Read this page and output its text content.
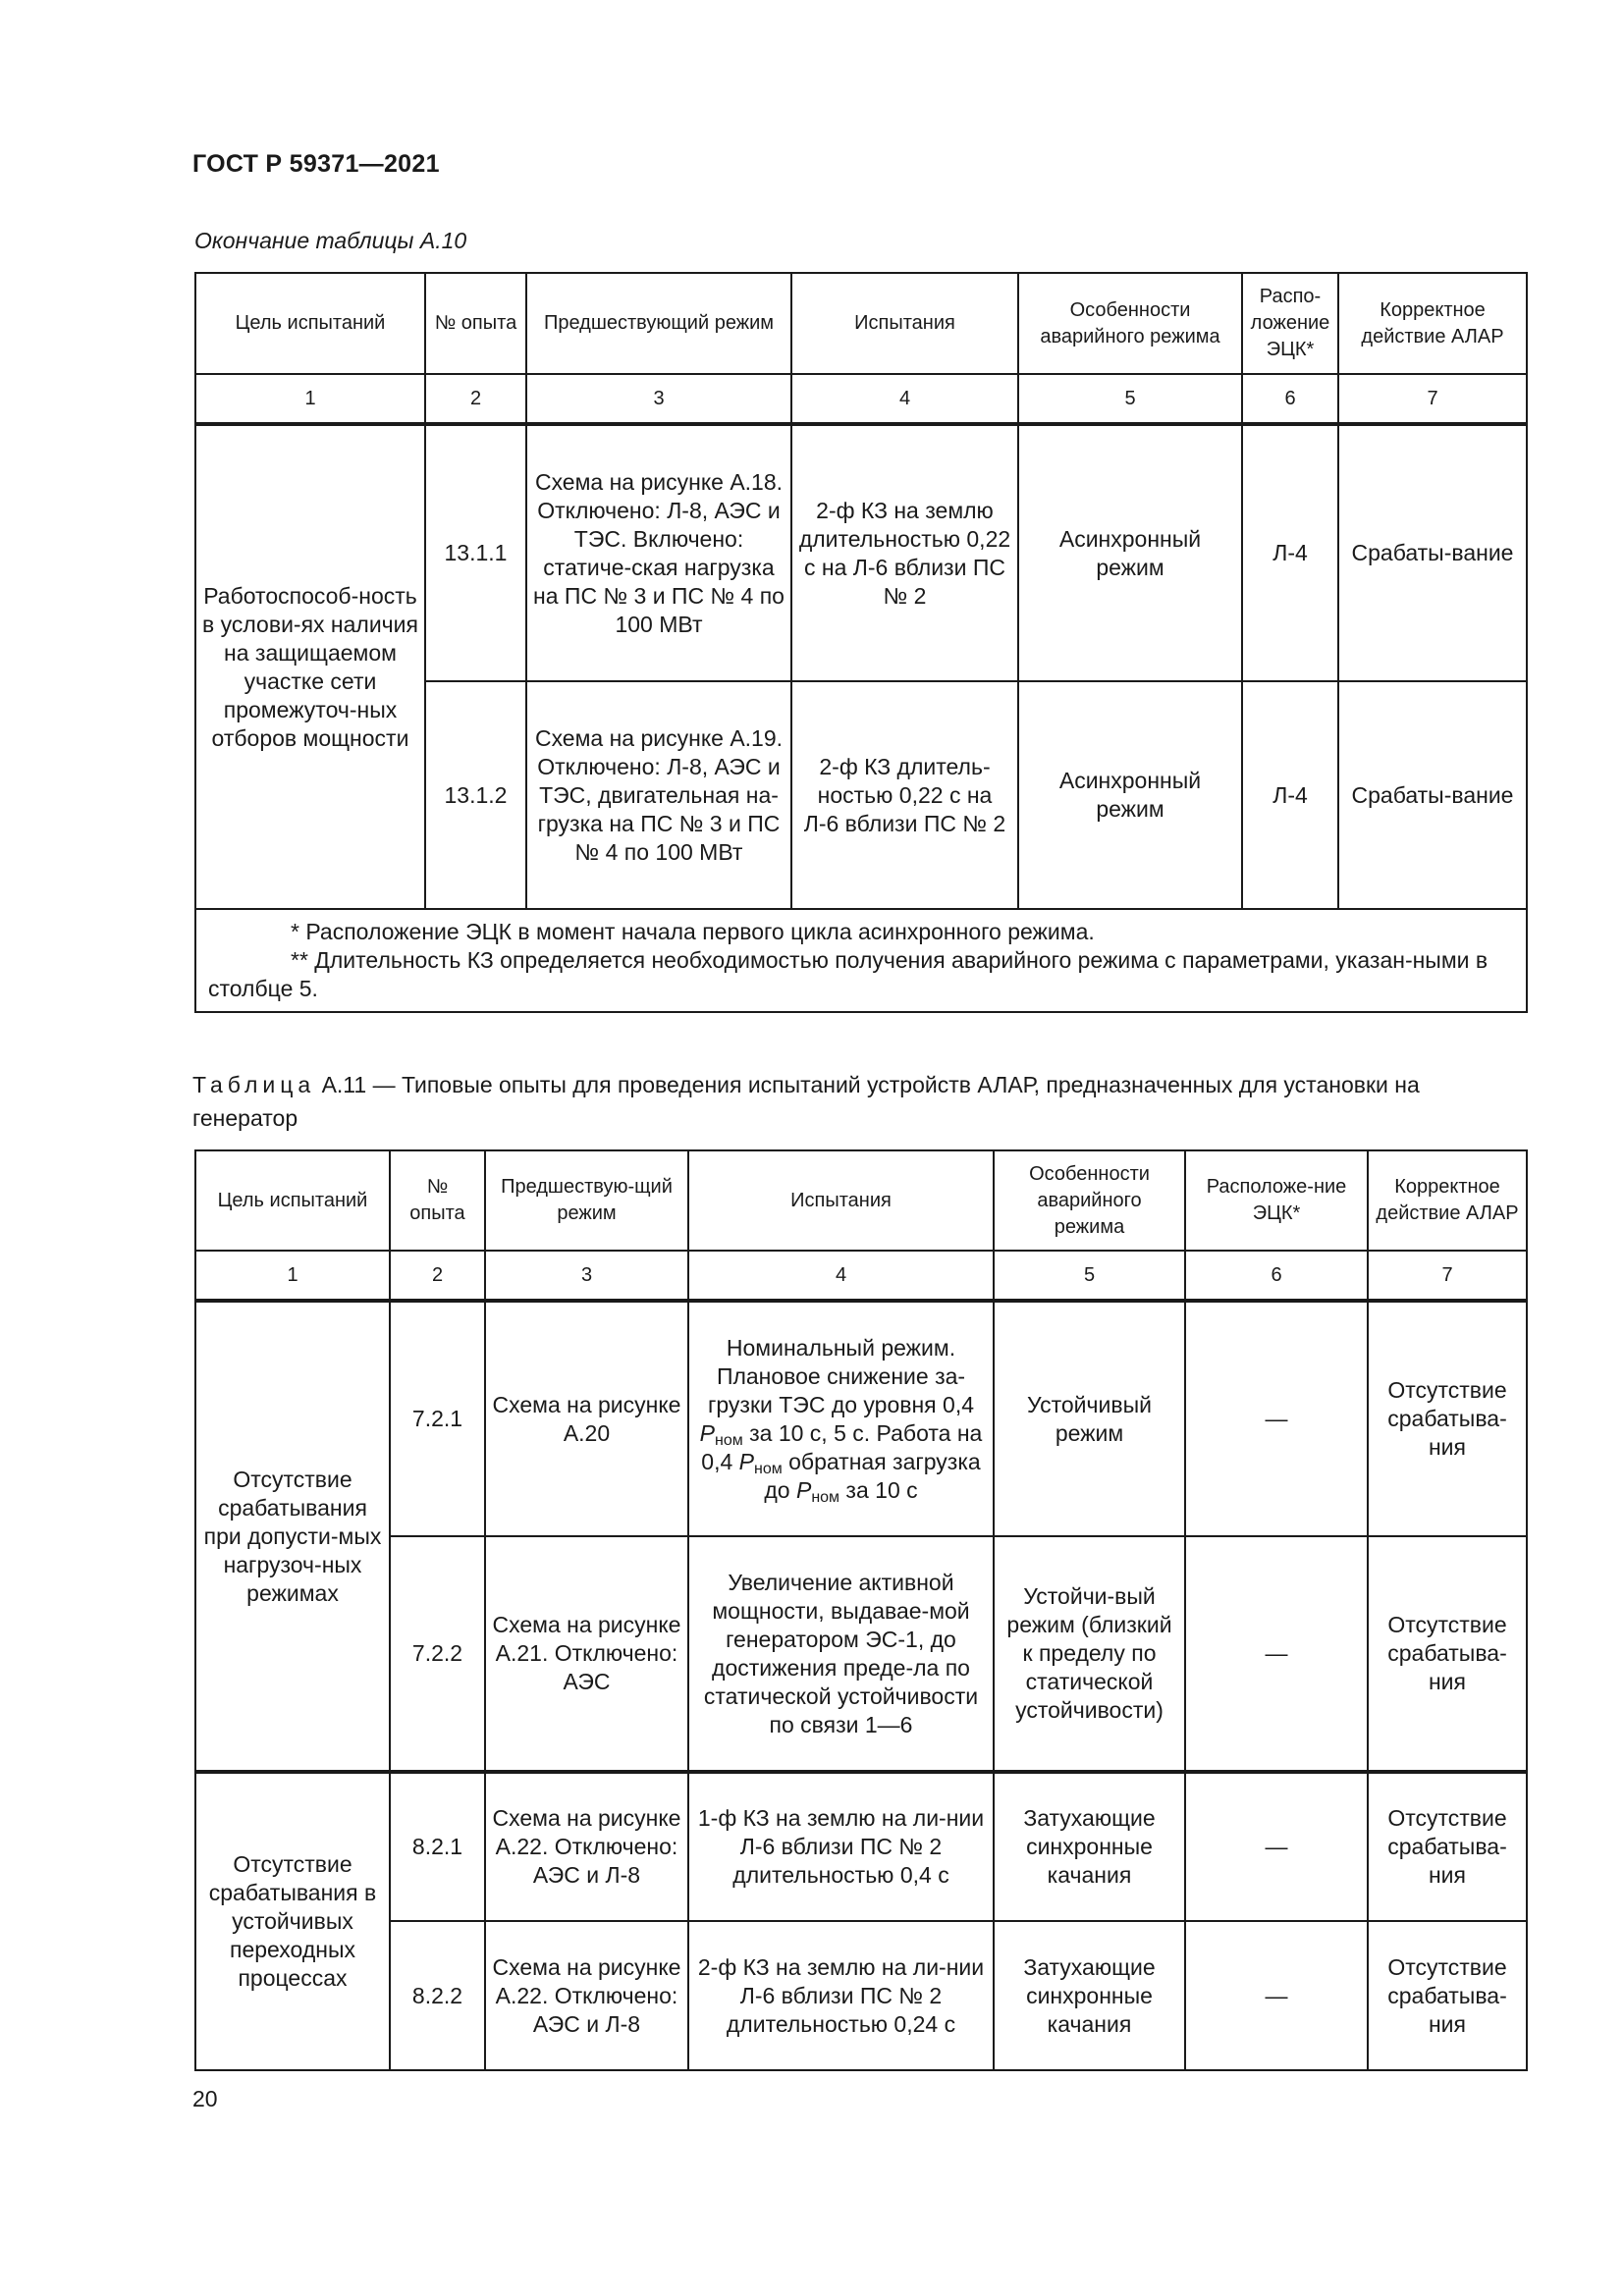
ГОСТ Р 59371—2021
Окончание таблицы А.10
Цель испытаний	№ опыта	Предшествующий режим	Испытания	Особенности аварийного режима	Распо-ложение ЭЦК*	Корректное действие АЛАР
1	2	3	4	5	6	7
Работоспособ-ность в услови-ях наличия на защищаемом участке сети промежуточ-ных отборов мощности	13.1.1	Схема на рисунке А.18. Отключено: Л-8, АЭС и ТЭС. Включено: статиче-ская нагрузка на ПС № 3 и ПС № 4 по 100 МВт	2-ф КЗ на землю длительностью 0,22 с на Л-6 вблизи ПС № 2	Асинхронный режим	Л-4	Срабаты-вание
	13.1.2	Схема на рисунке А.19. Отключено: Л-8, АЭС и ТЭС, двигательная на-грузка на ПС № 3 и ПС № 4 по 100 МВт	2-ф КЗ длитель-ностью 0,22 с на Л-6 вблизи ПС № 2	Асинхронный режим	Л-4	Срабаты-вание

* Расположение ЭЦК в момент начала первого цикла асинхронного режима.
** Длительность КЗ определяется необходимостью получения аварийного режима с параметрами, указан-ными в столбце 5.						
Таблица А.11 — Типовые опыты для проведения испытаний устройств АЛАР, предназначенных для установки на генератор
Цель испытаний	№ опыта	Предшествую-щий режим	Испытания	Особенности аварийного режима	Расположе-ние ЭЦК*	Корректное действие АЛАР
1	2	3	4	5	6	7
Отсутствие срабатывания при допусти-мых нагрузоч-ных режимах	7.2.1	Схема на рисунке А.20	Номинальный режим. Плановое снижение за-грузки ТЭС до уровня 0,4 $P_{ном}$ за 10 с, 5 с. Работа на 0,4 $P_{ном}$ обратная загрузка до $P_{ном}$ за 10 с	Устойчивый режим	—	Отсутствие срабатыва-ния
	7.2.2	Схема на рисунке А.21. Отключено: АЭС	Увеличение активной мощности, выдавае-мой генератором ЭС-1, до достижения преде-ла по статической устойчивости по связи 1—6	Устойчи-вый режим (близкий к пределу по статической устойчивости)	—	Отсутствие срабатыва-ния
Отсутствие срабатывания в устойчивых переходных процессах	8.2.1	Схема на рисунке А.22. Отключено: АЭС и Л-8	1-ф КЗ на землю на ли-нии Л-6 вблизи ПС № 2 длительностью 0,4 с	Затухающие синхронные качания	—	Отсутствие срабатыва-ния
	8.2.2	Схема на рисунке А.22. Отключено: АЭС и Л-8	2-ф КЗ на землю на ли-нии Л-6 вблизи ПС № 2 длительностью 0,24 с	Затухающие синхронные качания	—	Отсутствие срабатыва-ния
20
